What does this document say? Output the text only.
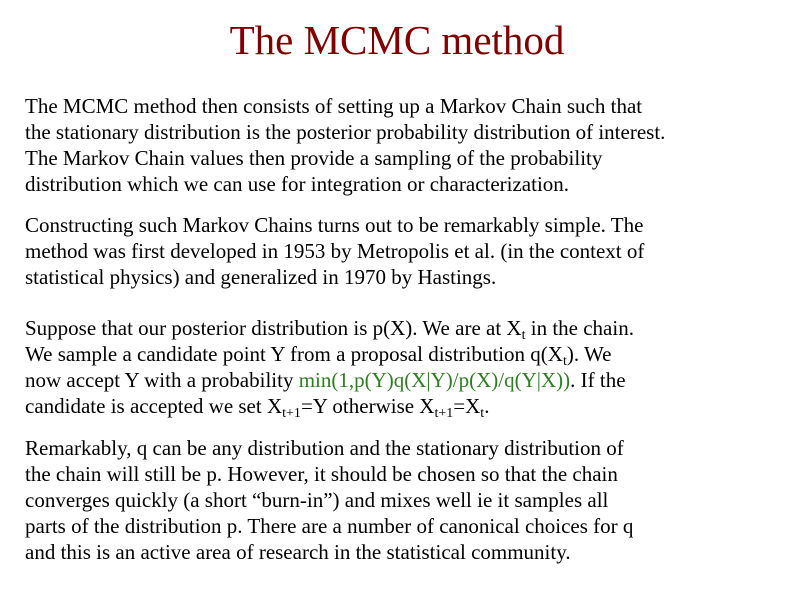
The MCMC method
The MCMC method then consists of setting up a Markov Chain such that
the stationary distribution is the posterior probability distribution of interest.
The Markov Chain values then provide a sampling of the probability
distribution which we can use for integration or characterization.
Constructing such Markov Chains turns out to be remarkably simple. The
method was first developed in 1953 by Metropolis et al. (in the context of
statistical physics) and generalized in 1970 by Hastings.
Suppose that our posterior distribution is p(X). We are at $X_t$ in the chain.
We sample a candidate point Y from a proposal distribution $q(X_t)$. We
now accept Y with a probability min(1,p(Y)q(X|Y)/p(X)/q(Y|X)). If the
candidate is accepted we set $X_{t+1}=Y$ otherwise $X_{t+1}=X_t$.
Remarkably, q can be any distribution and the stationary distribution of
the chain will still be p. However, it should be chosen so that the chain
converges quickly (a short “burn-in”) and mixes well ie it samples all
parts of the distribution p. There are a number of canonical choices for q
and this is an active area of research in the statistical community.
